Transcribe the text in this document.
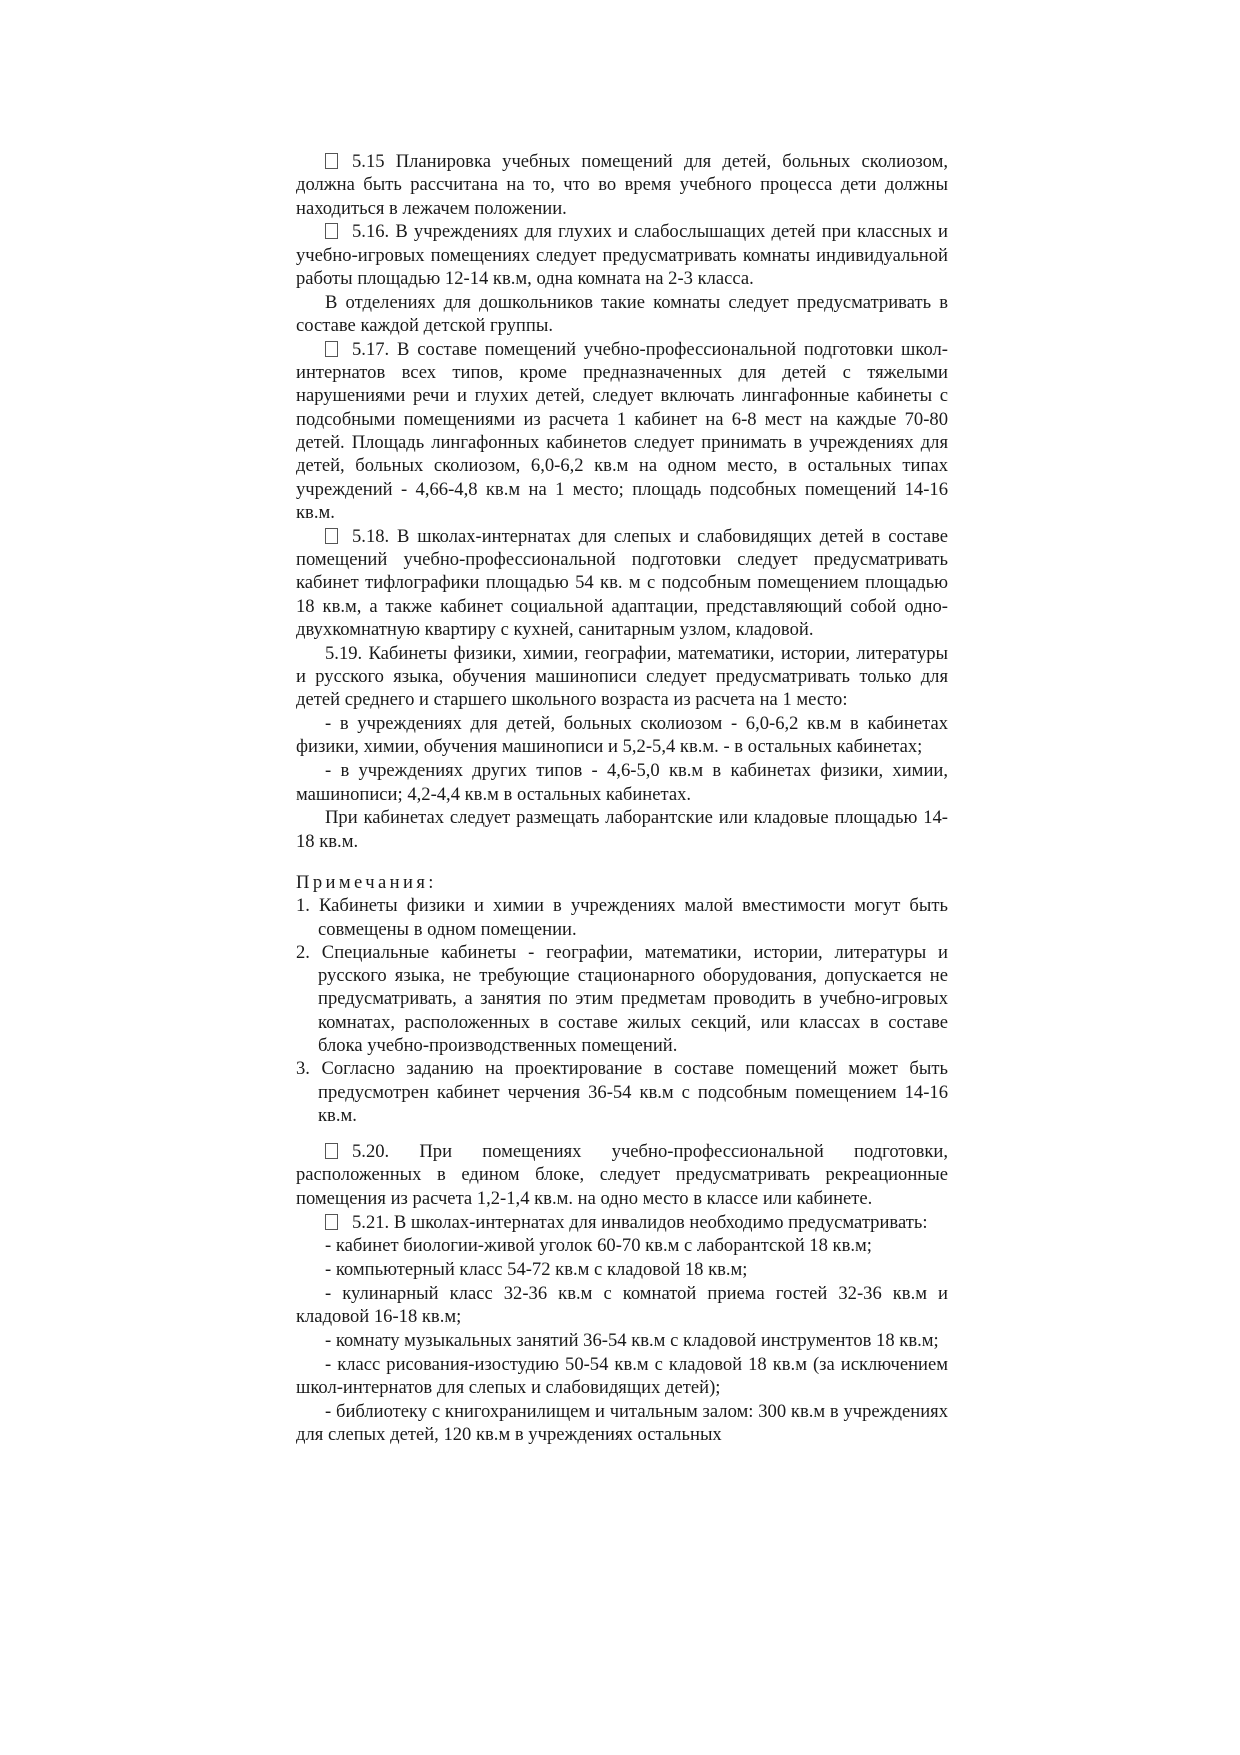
5.15 Планировка учебных помещений для детей, больных сколиозом, должна быть рассчитана на то, что во время учебного процесса дети должны находиться в лежачем положении.

5.16. В учреждениях для глухих и слабослышащих детей при классных и учебно-игровых помещениях следует предусматривать комнаты индивидуальной работы площадью 12-14 кв.м, одна комната на 2-3 класса.

В отделениях для дошкольников такие комнаты следует предусматривать в составе каждой детской группы.

5.17. В составе помещений учебно-профессиональной подготовки школ-интернатов всех типов, кроме предназначенных для детей с тяжелыми нарушениями речи и глухих детей, следует включать лингафонные кабинеты с подсобными помещениями из расчета 1 кабинет на 6-8 мест на каждые 70-80 детей. Площадь лингафонных кабинетов следует принимать в учреждениях для детей, больных сколиозом, 6,0-6,2 кв.м на одном место, в остальных типах учреждений - 4,66-4,8 кв.м на 1 место; площадь подсобных помещений 14-16 кв.м.

5.18. В школах-интернатах для слепых и слабовидящих детей в составе помещений учебно-профессиональной подготовки следует предусматривать кабинет тифлографики площадью 54 кв. м с подсобным помещением площадью 18 кв.м, а также кабинет социальной адаптации, представляющий собой одно-двухкомнатную квартиру с кухней, санитарным узлом, кладовой.

5.19. Кабинеты физики, химии, географии, математики, истории, литературы и русского языка, обучения машинописи следует предусматривать только для детей среднего и старшего школьного возраста из расчета на 1 место:

- в учреждениях для детей, больных сколиозом - 6,0-6,2 кв.м в кабинетах физики, химии, обучения машинописи и 5,2-5,4 кв.м. - в остальных кабинетах;

- в учреждениях других типов - 4,6-5,0 кв.м в кабинетах физики, химии, машинописи; 4,2-4,4 кв.м в остальных кабинетах.

При кабинетах следует размещать лаборантские или кладовые площадью 14-18 кв.м.

Примечания:

1. Кабинеты физики и химии в учреждениях малой вместимости могут быть совмещены в одном помещении.

2. Специальные кабинеты - географии, математики, истории, литературы и русского языка, не требующие стационарного оборудования, допускается не предусматривать, а занятия по этим предметам проводить в учебно-игровых комнатах, расположенных в составе жилых секций, или классах в составе блока учебно-производственных помещений.

3. Согласно заданию на проектирование в составе помещений может быть предусмотрен кабинет черчения 36-54 кв.м с подсобным помещением 14-16 кв.м.

5.20. При помещениях учебно-профессиональной подготовки, расположенных в едином блоке, следует предусматривать рекреационные помещения из расчета 1,2-1,4 кв.м. на одно место в классе или кабинете.

5.21. В школах-интернатах для инвалидов необходимо предусматривать:

- кабинет биологии-живой уголок 60-70 кв.м с лаборантской 18 кв.м;

- компьютерный класс 54-72 кв.м с кладовой 18 кв.м;

- кулинарный класс 32-36 кв.м с комнатой приема гостей 32-36 кв.м и кладовой 16-18 кв.м;

- комнату музыкальных занятий 36-54 кв.м с кладовой инструментов 18 кв.м;

- класс рисования-изостудию 50-54 кв.м с кладовой 18 кв.м (за исключением школ-интернатов для слепых и слабовидящих детей);

- библиотеку с книгохранилищем и читальным залом: 300 кв.м в учреждениях для слепых детей, 120 кв.м в учреждениях остальных
